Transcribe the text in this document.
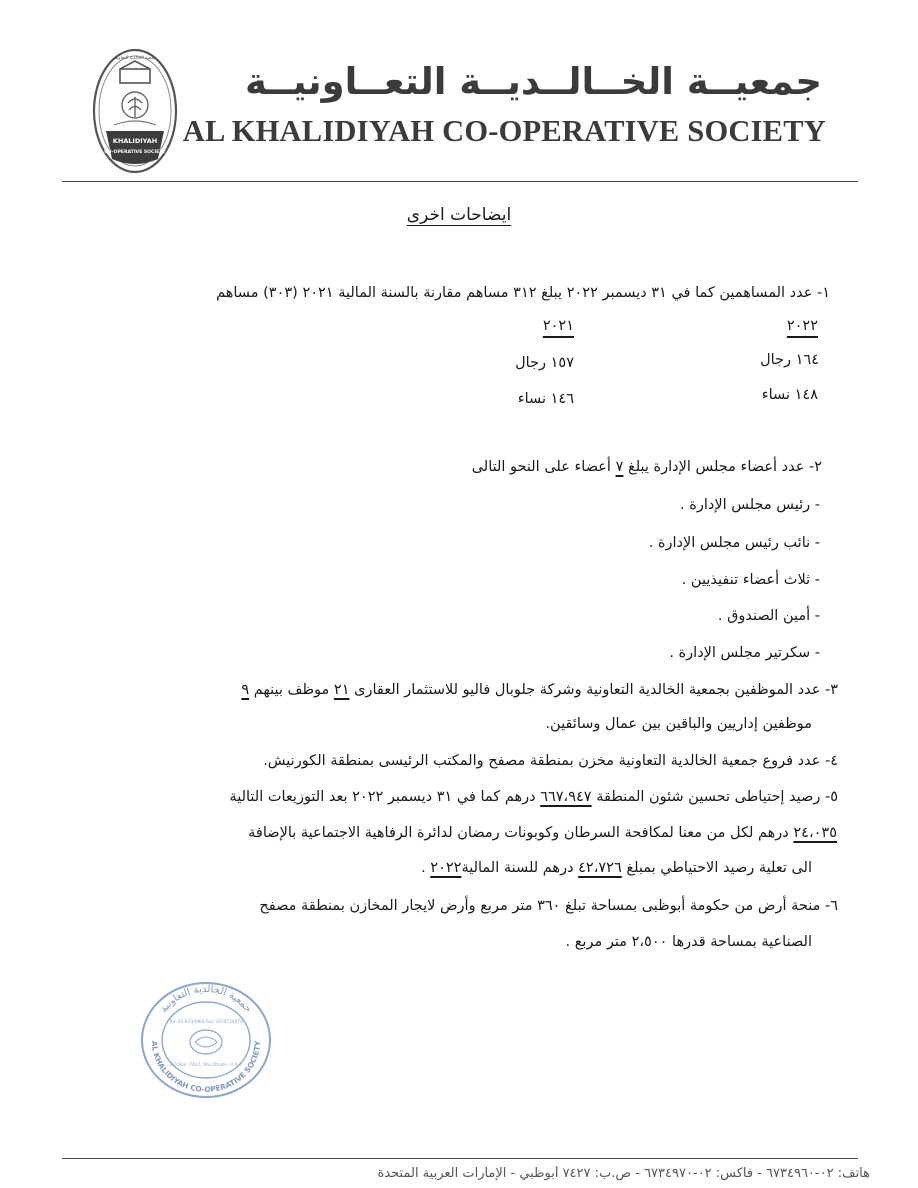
KHALIDIYAH
CO-OPERATIVE SOCIETY
جمعية الخالدية التعاونية
جمعيــة الخــالــديــة التعــاونيــة
AL KHALIDIYAH CO-OPERATIVE SOCIETY
ايضاحات اخرى
١- عدد المساهمين كما في ٣١ ديسمبر ٢٠٢٢ يبلغ ٣١٢ مساهم مقارنة بالسنة المالية ٢٠٢١ (٣٠٣) مساهم
٢٠٢٢
٢٠٢١
١٦٤ رجال
١٥٧ رجال
١٤٨ نساء
١٤٦ نساء
٢- عدد أعضاء مجلس الإدارة يبلغ ٧ أعضاء على النحو التالى
- رئيس مجلس الإدارة .
- نائب رئيس مجلس الإدارة .
- ثلاث أعضاء تنفيذيين .
- أمين الصندوق .
- سكرتير مجلس الإدارة .
٣- عدد الموظفين بجمعية الخالدية التعاونية وشركة جلوبال فاليو للاستثمار العقارى ٢١ موظف بينهم ٩
موظفين إداريين والباقين بين عمال وسائقين.
٤- عدد فروع جمعية الخالدية التعاونية مخزن بمنطقة مصفح والمكتب الرئيسى بمنطقة الكورنيش.
٥- رصيد إحتياطى تحسين شئون المنطقة ٦٦٧،٩٤٧ درهم كما في ٣١ ديسمبر ٢٠٢٢ بعد التوزيعات التالية
٢٤،٠٣٥ درهم لكل من معنا لمكافحة السرطان وكوبونات رمضان لدائرة الرفاهية الاجتماعية بالإضافة
الى تعلية رصيد الاحتياطي بمبلغ ٤٢،٧٢٦ درهم للسنة المالية٢٠٢٢ .
٦- منحة أرض من حكومة أبوظبى بمساحة تبلغ ٣٦٠ متر مربع وأرض لايجار المخازن بمنطقة مصفح
الصناعية بمساحة قدرها ٢،٥٠٠ متر مربع .
جمعية الخالدية التعاونية
AL KHALIDIYAH CO-OPERATIVE SOCIETY
Tel: 02-6734960 Fax: 02-6734970
P.O.Box: 7427, Abu Dhabi - U.A.E
هاتف: ٠٢-٦٧٣٤٩٦٠ - فاكس: ٠٢-٦٧٣٤٩٧٠ - ص.ب: ٧٤٢٧ أبوظبي - الإمارات العربية المتحدة
